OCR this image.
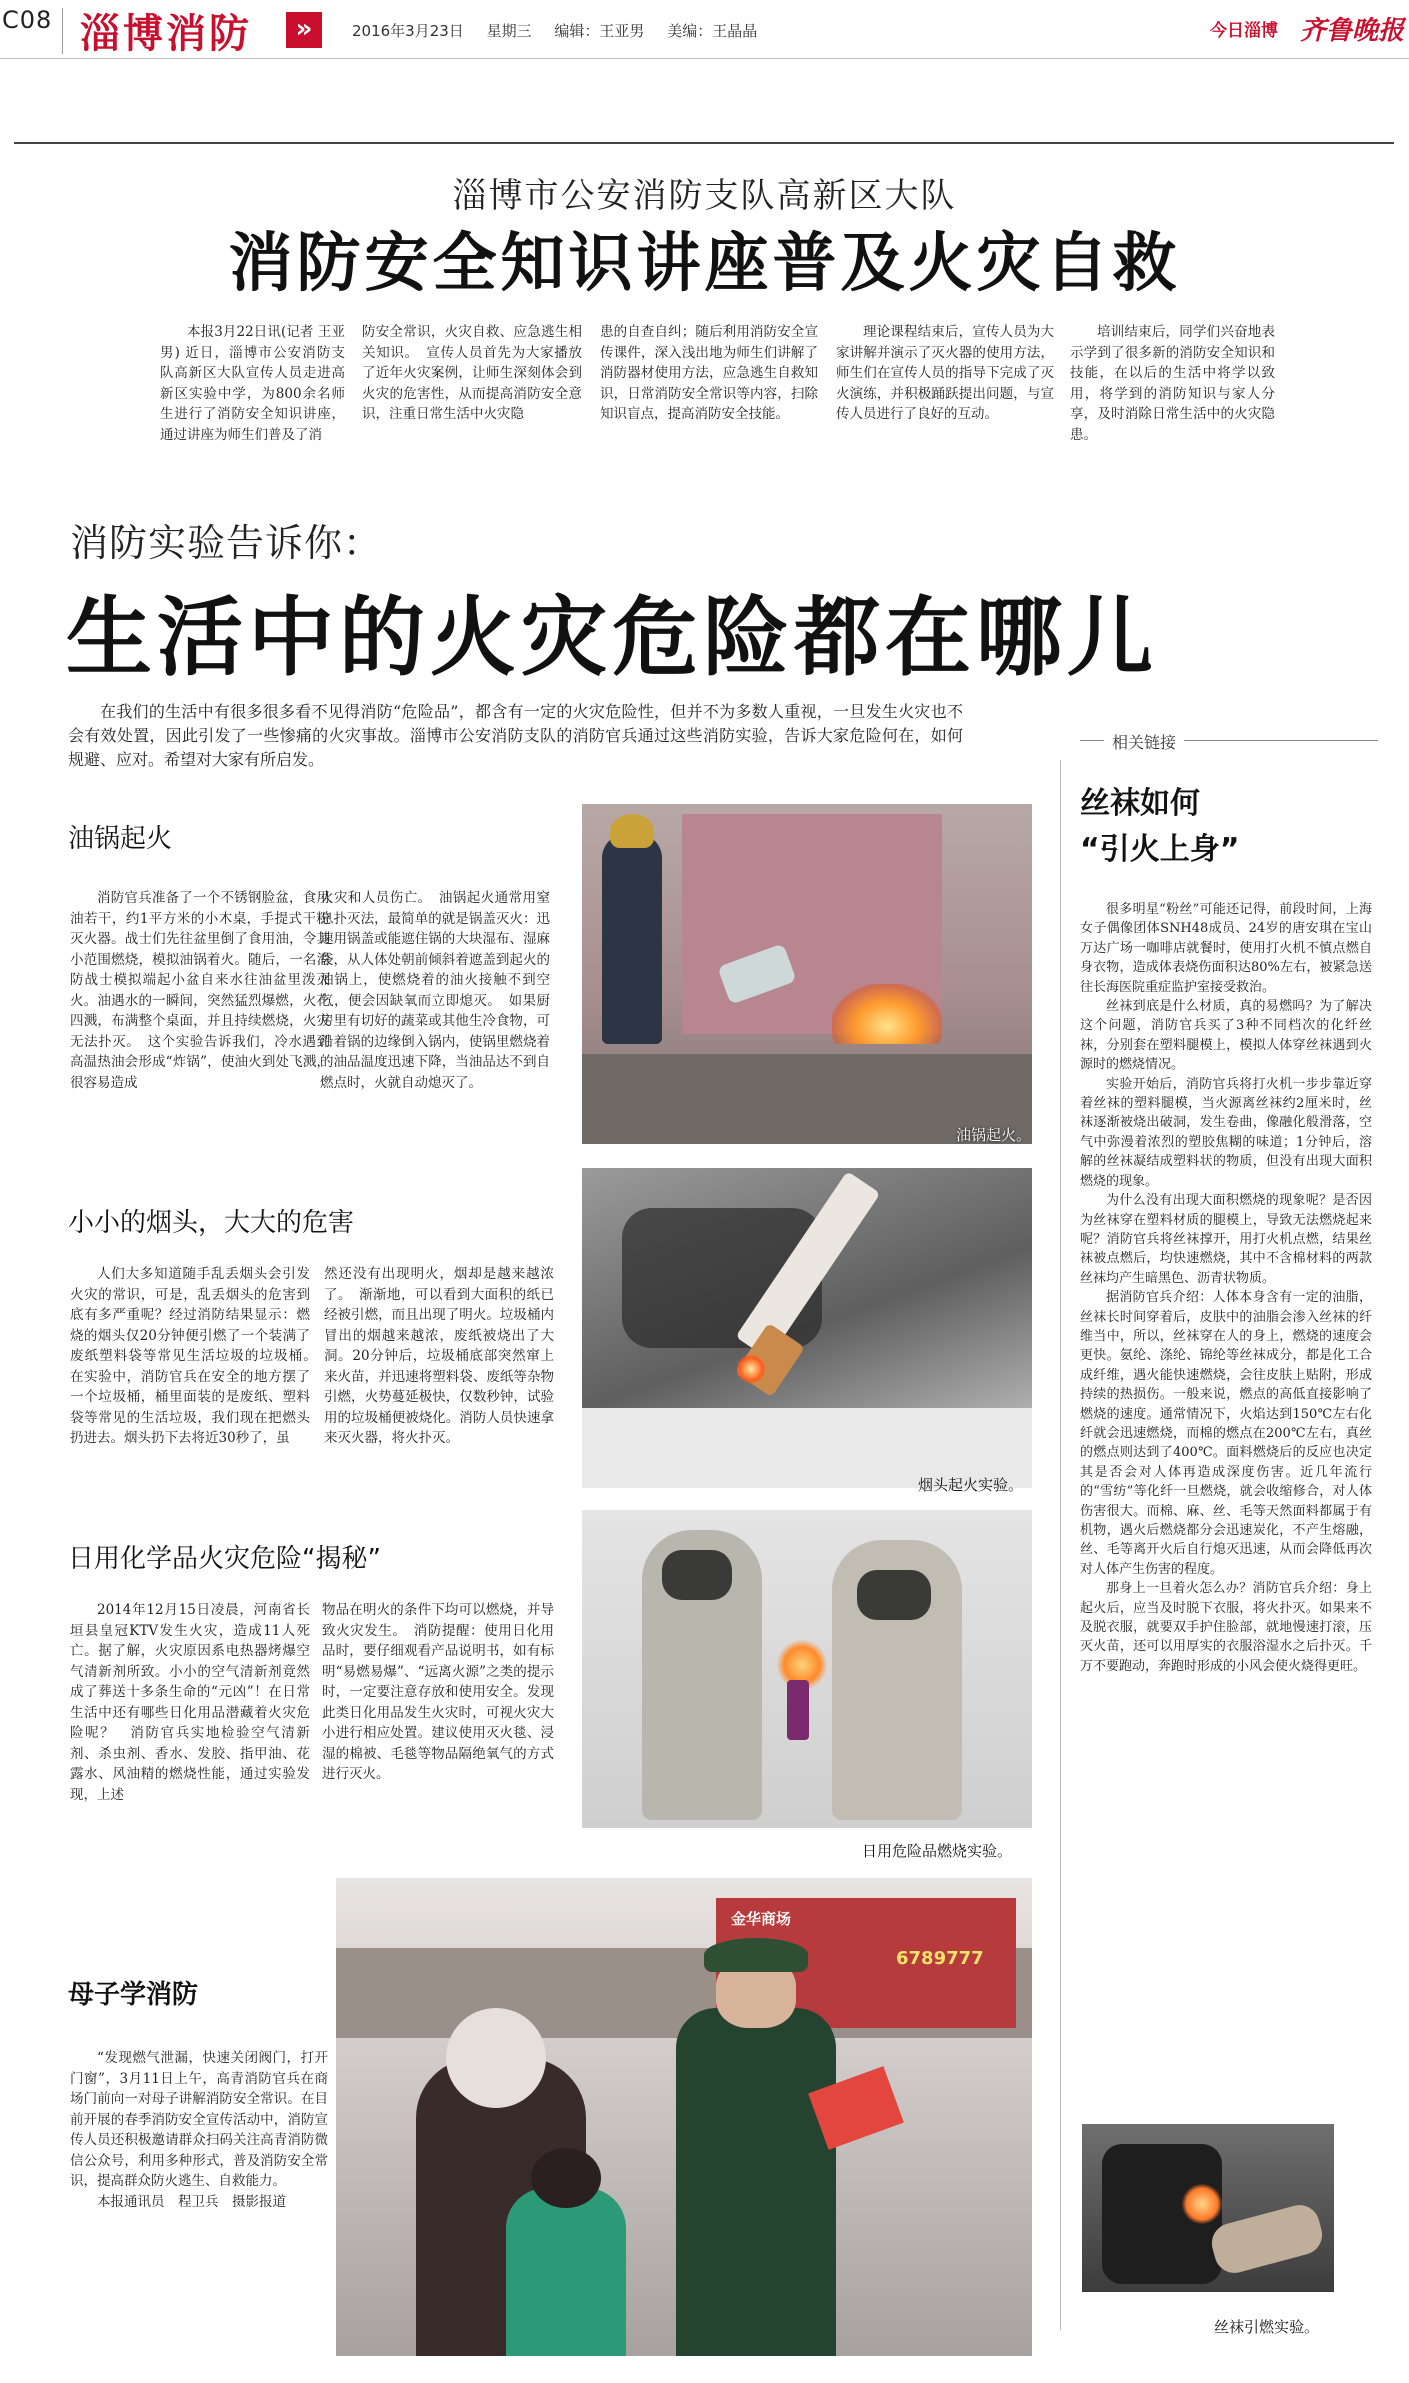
C08 淄博消防	»	2016年3月23日 星期三 编辑：王亚男 美编：王晶晶	今日淄博 齐鲁晚报
淄博市公安消防支队高新区大队
消防安全知识讲座普及火灾自救

本报3月22日讯(记者 王亚男) 近日，淄博市公安消防支队高新区大队宣传人员走进高新区实验中学，为800余名师生进行了消防安全知识讲座，通过讲座为师生们普及了消

防安全常识，火灾自救、应急逃生相关知识。　宣传人员首先为大家播放了近年火灾案例，让师生深刻体会到火灾的危害性，从而提高消防安全意识，注重日常生活中火灾隐

患的自查自纠；随后利用消防安全宣传课件，深入浅出地为师生们讲解了消防器材使用方法，应急逃生自救知识，日常消防安全常识等内容，扫除知识盲点，提高消防安全技能。

理论课程结束后，宣传人员为大家讲解并演示了灭火器的使用方法，师生们在宣传人员的指导下完成了灭火演练，并积极踊跃提出问题，与宣传人员进行了良好的互动。

培训结束后，同学们兴奋地表示学到了很多新的消防安全知识和技能，在以后的生活中将学以致用，将学到的消防知识与家人分享，及时消除日常生活中的火灾隐患。

消防实验告诉你：
生活中的火灾危险都在哪儿

在我们的生活中有很多很多看不见得消防“危险品”，都含有一定的火灾危险性，但并不为多数人重视，一旦发生火灾也不会有效处置，因此引发了一些惨痛的火灾事故。淄博市公安消防支队的消防官兵通过这些消防实验，告诉大家危险何在，如何规避、应对。希望对大家有所启发。

相关链接
油锅起火

消防官兵准备了一个不锈钢脸盆，食用油若干，约1平方米的小木桌，手提式干粉灭火器。战士们先往盆里倒了食用油，令其小范围燃烧，模拟油锅着火。随后，一名消防战士模拟端起小盆自来水往油盆里泼灭火。油遇水的一瞬间，突然猛烈爆燃，火花四溅，布满整个桌面，并且持续燃烧，火灾无法扑灭。　这个实验告诉我们，冷水遇到高温热油会形成“炸锅”，使油火到处飞溅，很容易造成

火灾和人员伤亡。　油锅起火通常用窒息扑灭法，最简单的就是锅盖灭火：迅速用锅盖或能遮住锅的大块湿布、湿麻袋，从人体处朝前倾斜着遮盖到起火的油锅上，使燃烧着的油火接触不到空气，便会因缺氧而立即熄灭。　如果厨房里有切好的蔬菜或其他生冷食物，可沿着锅的边缘倒入锅内，使锅里燃烧着的油品温度迅速下降，当油品达不到自燃点时，火就自动熄灭了。

油锅起火。
小小的烟头，大大的危害

人们大多知道随手乱丢烟头会引发火灾的常识，可是，乱丢烟头的危害到底有多严重呢？经过消防结果显示：燃烧的烟头仅20分钟便引燃了一个装满了废纸塑料袋等常见生活垃圾的垃圾桶。　在实验中，消防官兵在安全的地方摆了一个垃圾桶，桶里面装的是废纸、塑料袋等常见的生活垃圾，我们现在把燃头扔进去。烟头扔下去将近30秒了，虽

然还没有出现明火，烟却是越来越浓了。　渐渐地，可以看到大面积的纸已经被引燃，而且出现了明火。垃圾桶内冒出的烟越来越浓，废纸被烧出了大洞。20分钟后，垃圾桶底部突然窜上来火苗，并迅速将塑料袋、废纸等杂物引燃，火势蔓延极快，仅数秒钟，试验用的垃圾桶便被烧化。消防人员快速拿来灭火器，将火扑灭。

烟头起火实验。
日用化学品火灾危险“揭秘”

2014年12月15日凌晨，河南省长垣县皇冠KTV发生火灾，造成11人死亡。据了解，火灾原因系电热器烤爆空气清新剂所致。小小的空气清新剂竟然成了葬送十多条生命的“元凶”！在日常生活中还有哪些日化用品潜藏着火灾危险呢？　消防官兵实地检验空气清新剂、杀虫剂、香水、发胶、指甲油、花露水、风油精的燃烧性能，通过实验发现，上述

物品在明火的条件下均可以燃烧，并导致火灾发生。　消防提醒：使用日化用品时，要仔细观看产品说明书，如有标明“易燃易爆”、“远离火源”之类的提示时，一定要注意存放和使用安全。发现此类日化用品发生火灾时，可视火灾大小进行相应处置。建议使用灭火毯、浸湿的棉被、毛毯等物品隔绝氧气的方式进行灭火。

日用危险品燃烧实验。
母子学消防

“发现燃气泄漏，快速关闭阀门，打开门窗”，3月11日上午，高青消防官兵在商场门前向一对母子讲解消防安全常识。在目前开展的春季消防安全宣传活动中，消防宣传人员还积极邀请群众扫码关注高青消防微信公众号，利用多种形式，普及消防安全常识，提高群众防火逃生、自救能力。

本报通讯员　程卫兵　摄影报道

金华商场
6789777
丝袜如何
“引火上身”

很多明星“粉丝”可能还记得，前段时间，上海女子偶像团体SNH48成员、24岁的唐安琪在宝山万达广场一咖啡店就餐时，使用打火机不慎点燃自身衣物，造成体表烧伤面积达80%左右，被紧急送往长海医院重症监护室接受救治。

丝袜到底是什么材质，真的易燃吗？为了解决这个问题，消防官兵买了3种不同档次的化纤丝袜，分别套在塑料腿模上，模拟人体穿丝袜遇到火源时的燃烧情况。

实验开始后，消防官兵将打火机一步步靠近穿着丝袜的塑料腿模，当火源离丝袜约2厘米时，丝袜逐渐被烧出破洞，发生卷曲，像融化般滑落，空气中弥漫着浓烈的塑胶焦糊的味道；1分钟后，溶解的丝袜凝结成塑料状的物质，但没有出现大面积燃烧的现象。

为什么没有出现大面积燃烧的现象呢？是否因为丝袜穿在塑料材质的腿模上，导致无法燃烧起来呢？消防官兵将丝袜撑开，用打火机点燃，结果丝袜被点燃后，均快速燃烧，其中不含棉材料的两款丝袜均产生暗黑色、沥青状物质。

据消防官兵介绍：人体本身含有一定的油脂，丝袜长时间穿着后，皮肤中的油脂会渗入丝袜的纤维当中，所以，丝袜穿在人的身上，燃烧的速度会更快。氨纶、涤纶、锦纶等丝袜成分，都是化工合成纤维，遇火能快速燃烧，会往皮肤上贴附，形成持续的热损伤。一般来说，燃点的高低直接影响了燃烧的速度。通常情况下，火焰达到150℃左右化纤就会迅速燃烧，而棉的燃点在200℃左右，真丝的燃点则达到了400℃。面料燃烧后的反应也决定其是否会对人体再造成深度伤害。近几年流行的“雪纺”等化纤一旦燃烧，就会收缩修合，对人体伤害很大。而棉、麻、丝、毛等天然面料都属于有机物，遇火后燃烧都分会迅速炭化，不产生熔融，丝、毛等离开火后自行熄灭迅速，从而会降低再次对人体产生伤害的程度。

那身上一旦着火怎么办？消防官兵介绍：身上起火后，应当及时脱下衣服，将火扑灭。如果来不及脱衣服，就要双手护住脸部，就地慢速打滚，压灭火苗，还可以用厚实的衣服浴湿水之后扑灭。千万不要跑动，奔跑时形成的小风会使火烧得更旺。

丝袜引燃实验。
